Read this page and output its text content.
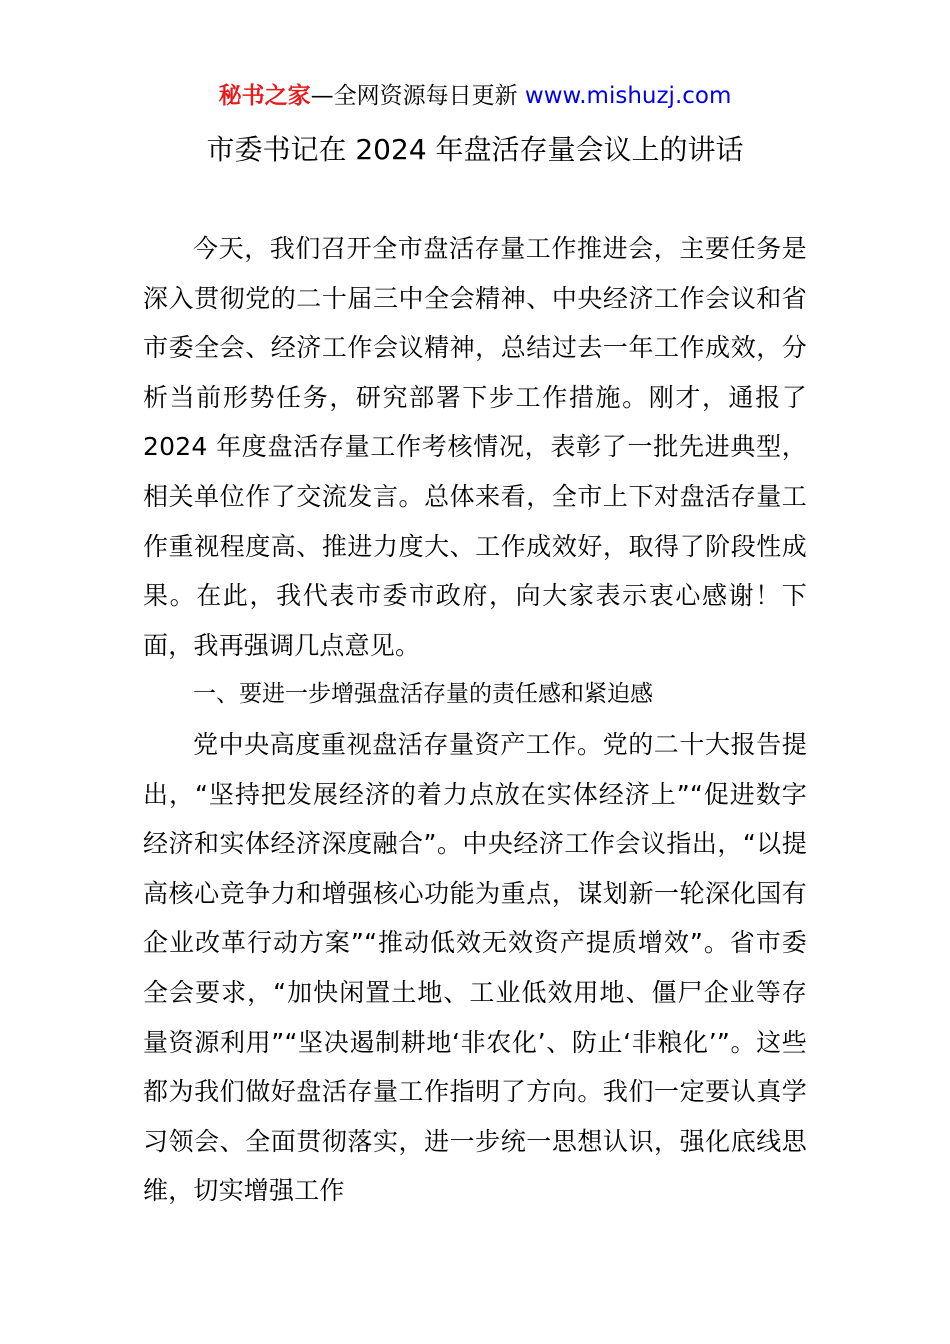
秘书之家—全网资源每日更新 www.mishuzj.com
市委书记在 2024 年盘活存量会议上的讲话

今天，我们召开全市盘活存量工作推进会，主要任务是深入贯彻党的二十届三中全会精神、中央经济工作会议和省市委全会、经济工作会议精神，总结过去一年工作成效，分析当前形势任务，研究部署下步工作措施。刚才，通报了 2024 年度盘活存量工作考核情况，表彰了一批先进典型，相关单位作了交流发言。总体来看，全市上下对盘活存量工作重视程度高、推进力度大、工作成效好，取得了阶段性成果。在此，我代表市委市政府，向大家表示衷心感谢！下面，我再强调几点意见。

一、要进一步增强盘活存量的责任感和紧迫感

党中央高度重视盘活存量资产工作。党的二十大报告提出，“坚持把发展经济的着力点放在实体经济上”“促进数字经济和实体经济深度融合”。中央经济工作会议指出，“以提高核心竞争力和增强核心功能为重点，谋划新一轮深化国有企业改革行动方案”“推动低效无效资产提质增效”。省市委全会要求，“加快闲置土地、工业低效用地、僵尸企业等存量资源利用”“坚决遏制耕地‘非农化’、防止‘非粮化’”。这些都为我们做好盘活存量工作指明了方向。我们一定要认真学习领会、全面贯彻落实，进一步统一思想认识，强化底线思维，切实增强工作
